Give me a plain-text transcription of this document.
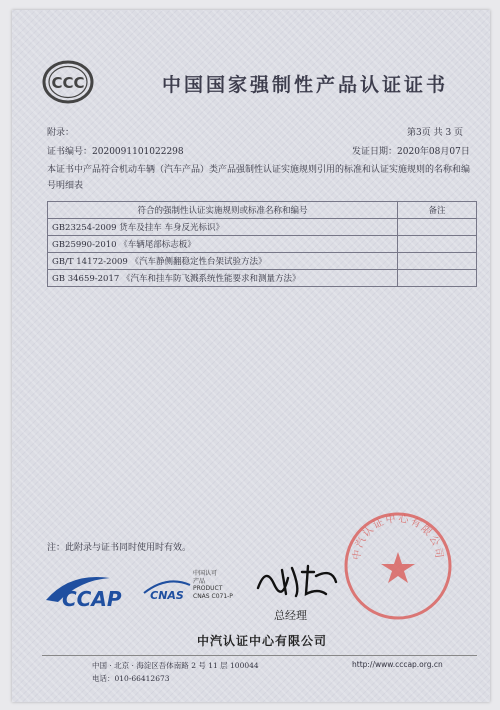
CCC	中国国家强制性产品认证证书
附录：	第3页 共 3 页
证书编号：2020091101022298	发证日期：2020年08月07日
本证书中产品符合机动车辆（汽车产品）类产品强制性认证实施规则引用的标准和认证实施规则的名称和编号明细表
符合的强制性认证实施规则或标准名称和编号	备注
GB23254-2009 货车及挂车 车身反光标识》	
GB25990-2010 《车辆尾部标志板》	
GB/T 14172-2009 《汽车静侧翻稳定性台架试验方法》	
GB 34659-2017 《汽车和挂车防飞溅系统性能要求和测量方法》	
注：此附录与证书同时使用时有效。	中汽认证中心有限公司
CCAP	CNAS
中国认可
产品
PRODUCT
CNAS C071-P
总经理
中汽认证中心有限公司
中国 · 北京 · 海淀区吾体南路 2 号 11 层 100044	http://www.cccap.org.cn
电话：010-66412673
